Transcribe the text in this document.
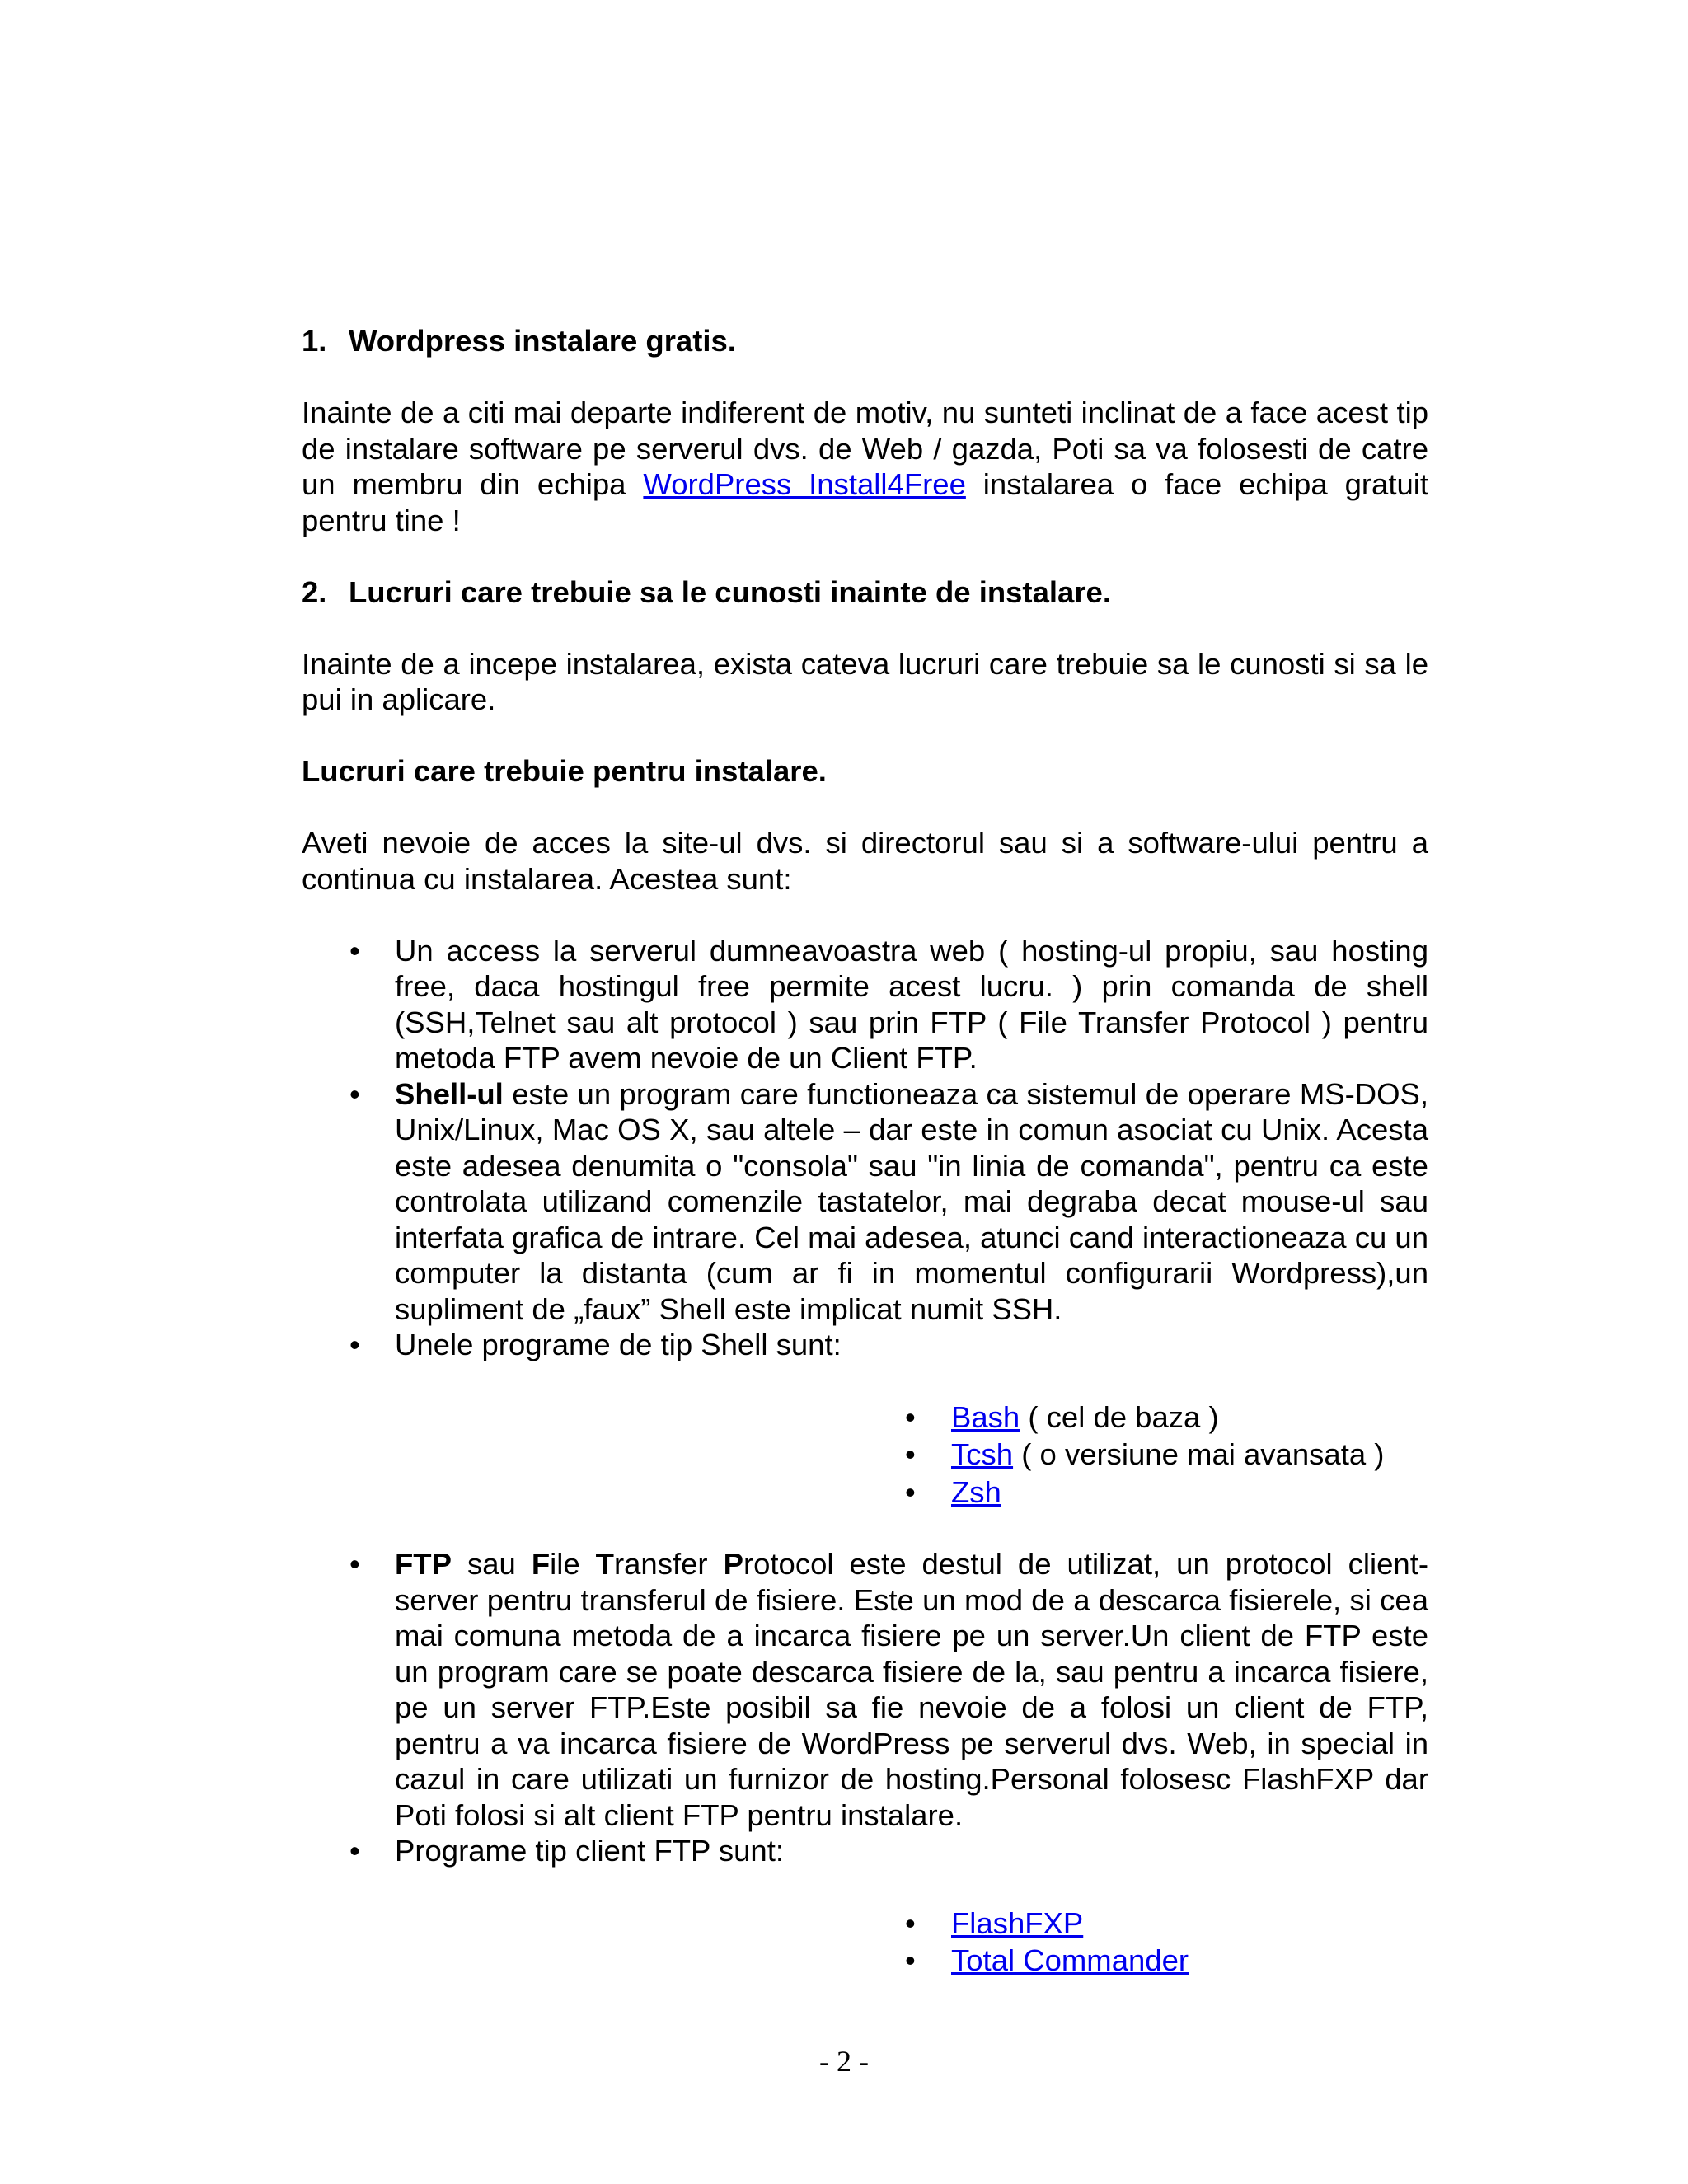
1. Wordpress instalare gratis.

Inainte de a citi mai departe indiferent de motiv, nu sunteti inclinat de a face acest tip de instalare software pe serverul dvs. de Web / gazda, Poti sa va folosesti de catre un membru din echipa WordPress Install4Free instalarea o face echipa gratuit pentru tine !

2. Lucruri care trebuie sa le cunosti inainte de instalare.

Inainte de a incepe instalarea, exista cateva lucruri care trebuie sa le cunosti si sa le pui in aplicare.

Lucruri care trebuie pentru instalare.

Aveti nevoie de acces la site-ul dvs. si directorul sau si a software-ului pentru a continua cu instalarea. Acestea sunt:

• Un access la serverul dumneavoastra web ( hosting-ul propiu, sau hosting free, daca hostingul free permite acest lucru. ) prin comanda de shell (SSH,Telnet sau alt protocol ) sau prin FTP ( File Transfer Protocol ) pentru metoda FTP avem nevoie de un Client FTP.
• Shell-ul este un program care functioneaza ca sistemul de operare MS-DOS, Unix/Linux, Mac OS X, sau altele – dar este in comun asociat cu Unix. Acesta este adesea denumita o "consola" sau "in linia de comanda", pentru ca este controlata utilizand comenzile tastatelor, mai degraba decat mouse-ul sau interfata grafica de intrare. Cel mai adesea, atunci cand interactioneaza cu un computer la distanta (cum ar fi in momentul configurarii Wordpress),un supliment de „faux” Shell este implicat numit SSH.
• Unele programe de tip Shell sunt:
• Bash ( cel de baza )
• Tcsh ( o versiune mai avansata )
• Zsh
• FTP sau File Transfer Protocol este destul de utilizat, un protocol client-server pentru transferul de fisiere. Este un mod de a descarca fisierele, si cea mai comuna metoda de a incarca fisiere pe un server.Un client de FTP este un program care se poate descarca fisiere de la, sau pentru a incarca fisiere, pe un server FTP.Este posibil sa fie nevoie de a folosi un client de FTP, pentru a va incarca fisiere de WordPress pe serverul dvs. Web, in special in cazul in care utilizati un furnizor de hosting.Personal folosesc FlashFXP dar Poti folosi si alt client FTP pentru instalare.
• Programe tip client FTP sunt:
• FlashFXP
• Total Commander
- 2 -
